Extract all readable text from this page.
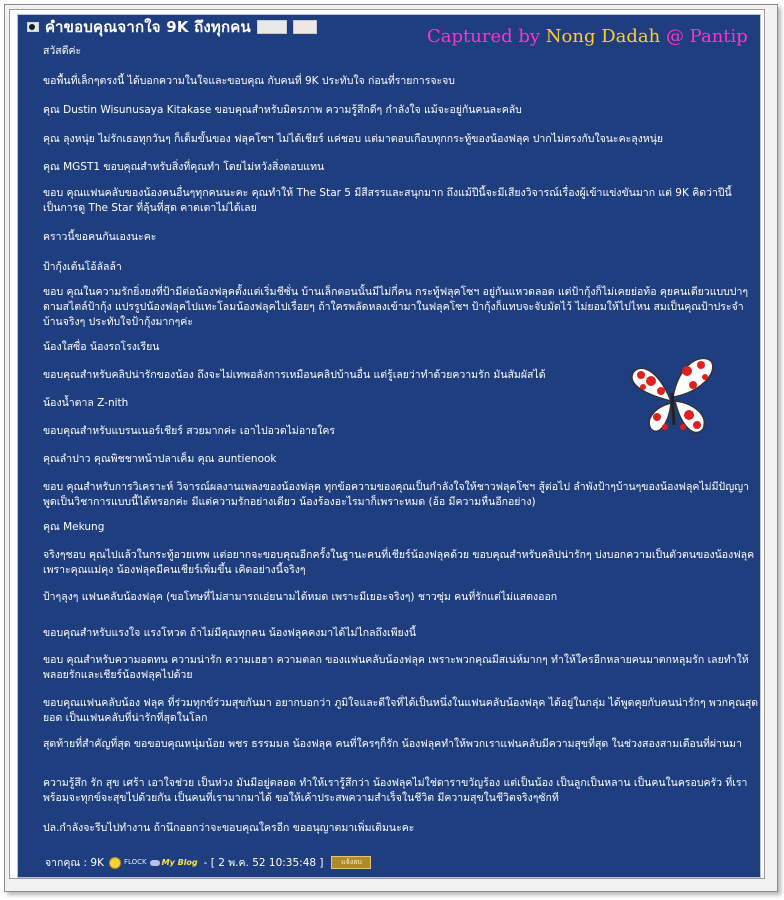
คำขอบคุณจากใจ 9K ถึงทุกคน	Captured by Nong Dadah @ Pantip
สวัสดีค่ะ
ขอพื้นที่เล็กๆตรงนี้ ได้บอกความในใจและขอบคุณ กับคนที่ 9K ประทับใจ ก่อนที่รายการจะจบ
คุณ Dustin Wisunusaya Kitakase ขอบคุณสำหรับมิตรภาพ ความรู้สึกดีๆ กำลังใจ แม้จะอยู่กันคนละคลับ
คุณ ลุงหนุ่ย ไม่รักเธอทุกวันๆ ก็เต็มขั้นของ ฟลุคโซฯ ไม่ได้เชียร์ แค่ชอบ แต่มาตอบเกือบทุกกระทู้ของน้องฟลุค ปากไม่ตรงกับใจนะคะลุงหนุ่ย
คุณ MGST1 ขอบคุณสำหรับสิ่งที่คุณทำ โดยไม่หวังสิ่งตอบแทน
ขอบ คุณแฟนคลับของน้องคนอื่นๆทุกคนนะคะ คุณทำให้ The Star 5 มีสีสรรและสนุกมาก ถึงแม้ปีนี้จะมีเสียงวิจารณ์เรื่องผู้เข้าแข่งขันมาก แต่ 9K คิดว่าปีนี้เป็นการดู The Star ที่ลุ้นที่สุด คาดเดาไม่ได้เลย
คราวนี้ขอคนกันเองนะคะ
ป้ากุ้งเต้นโอ้ลัลล้า
ขอบ คุณในความรักยิ่งยงที่ป้ามีต่อน้องฟลุคตั้งแต่เริ่มชีซั่น บ้านเล็กตอนนั้นมีไม่กี่คน กระทู้ฟลุคโซฯ อยู่กันแหวดลอด แต่ป้ากุ้งก็ไม่เคยย่อท้อ คุยคนเดียวแบบปาๆตามสไตล์ป้ากุ้ง แปรรูปน้องฟลุคไปแทะโลมน้องฟลุคไปเรื่อยๆ ถ้าใครพลัดหลงเข้ามาในฟลุคโซฯ ป้ากุ้งก็แทบจะจับมัดไว้ ไม่ยอมให้ไปไหน สมเป็นคุณป้าประจำบ้านจริงๆ ประทับใจป้ากุ้งมากๆค่ะ
น้องใสซื่อ น้องรถโรงเรียน
ขอบคุณสำหรับคลิปน่ารักของน้อง ถึงจะไม่เทพอลังการเหมือนคลิปบ้านอื่น แต่รู้เลยว่าทำด้วยความรัก มันสัมผัสได้
น้องน้ำตาล Z-nith
ขอบคุณสำหรับแบรนเนอร์เชียร์ สวยมากค่ะ เอาไปอวดไม่อายใคร
คุณลำปาว คุณพิชชาหน้าปลาเค็ม คุณ auntienook
ขอบ คุณสำหรับการวิเคราะห์ วิจารณ์ผลงานเพลงของน้องฟลุค ทุกข้อความของคุณเป็นกำลังใจให้ชาวฟลุคโซฯ สู้ต่อไป ลำพังป้าๆบ้านๆของน้องฟลุคไม่มีปัญญาพูดเป็นวิชาการแบบนี้ได้หรอกค่ะ มีแต่ความรักอย่างเดียว น้องร้องอะไรมาก็เพราะหมด (อ้อ มีความหื่นอีกอย่าง)
คุณ Mekung
จริงๆชอบ คุณไปแล้วในกระทู้อวยเทพ แต่อยากจะขอบคุณอีกครั้งในฐานะคนที่เชียร์น้องฟลุคด้วย ขอบคุณสำหรับคลิปน่ารักๆ บ่งบอกความเป็นตัวตนของน้องฟลุค เพราะคุณแม่คุง น้องฟลุคมีคนเชียร์เพิ่มขึ้น เคิดอย่างนี้จริงๆ
ป้าๆลุงๆ แฟนคลับน้องฟลุค (ขอโทษที่ไม่สามารถเอ่ยนามได้หมด เพราะมีเยอะจริงๆ) ชาวซุ่ม คนที่รักแต่ไม่แสดงออก
ขอบคุณสำหรับแรงใจ แรงโหวต ถ้าไม่มีคุณทุกคน น้องฟลุคคงมาได้ไม่ไกลถึงเพียงนี้
ขอบ คุณสำหรับความอดทน ความน่ารัก ความเฮฮา ความตลก ของแฟนคลับน้องฟลุค เพราะพวกคุณมีสเน่ห์มากๆ ทำให้ใครอีกหลายคนมาตกหลุมรัก เลยทำให้พลอยรักและเชียร์น้องฟลุคไปด้วย
ขอบคุณแฟนคลับน้อง ฟลุค ที่ร่วมทุกข์ร่วมสุขกันมา อยากบอกว่า ภูมิใจและดีใจที่ได้เป็นหนึ่งในแฟนคลับน้องฟลุค ได้อยู่ในกลุ่ม ได้พูดคุยกับคนน่ารักๆ พวกคุณสุดยอด เป็นแฟนคลับที่น่ารักที่สุดในโลก
สุดท้ายที่สำคัญที่สุด ขอขอบคุณหนุ่มน้อย พชร ธรรมมล น้องฟลุค คนที่ใครๆก็รัก น้องฟลุคทำให้พวกเราแฟนคลับมีความสุขที่สุด ในช่วงสองสามเดือนที่ผ่านมา
ความรู้สึก รัก สุข เศร้า เอาใจช่วย เป็นห่วง มันมีอยู่ตลอด ทำให้เรารู้สึกว่า น้องฟลุคไม่ใช่ดาราขวัญร้อง แต่เป็นน้อง เป็นลูกเป็นหลาน เป็นคนในครอบครัว ที่เราพร้อมจะทุกข์จะสุขไปด้วยกัน เป็นคนที่เรามากมาได้ ขอให้เค้าประสพความสำเร็จในชีวิต มีความสุขในชีวิตจริงๆซักที
ปล.กำลังจะรีบไปทำงาน ถ้านึกออกว่าจะขอบคุณใครอีก ขออนุญาตมาเพิ่มเติมนะคะ
จากคุณ : 9K	FLOCK My Blog - [ 2 พ.ค. 52 10:35:48 ]	แจ้งลบ
